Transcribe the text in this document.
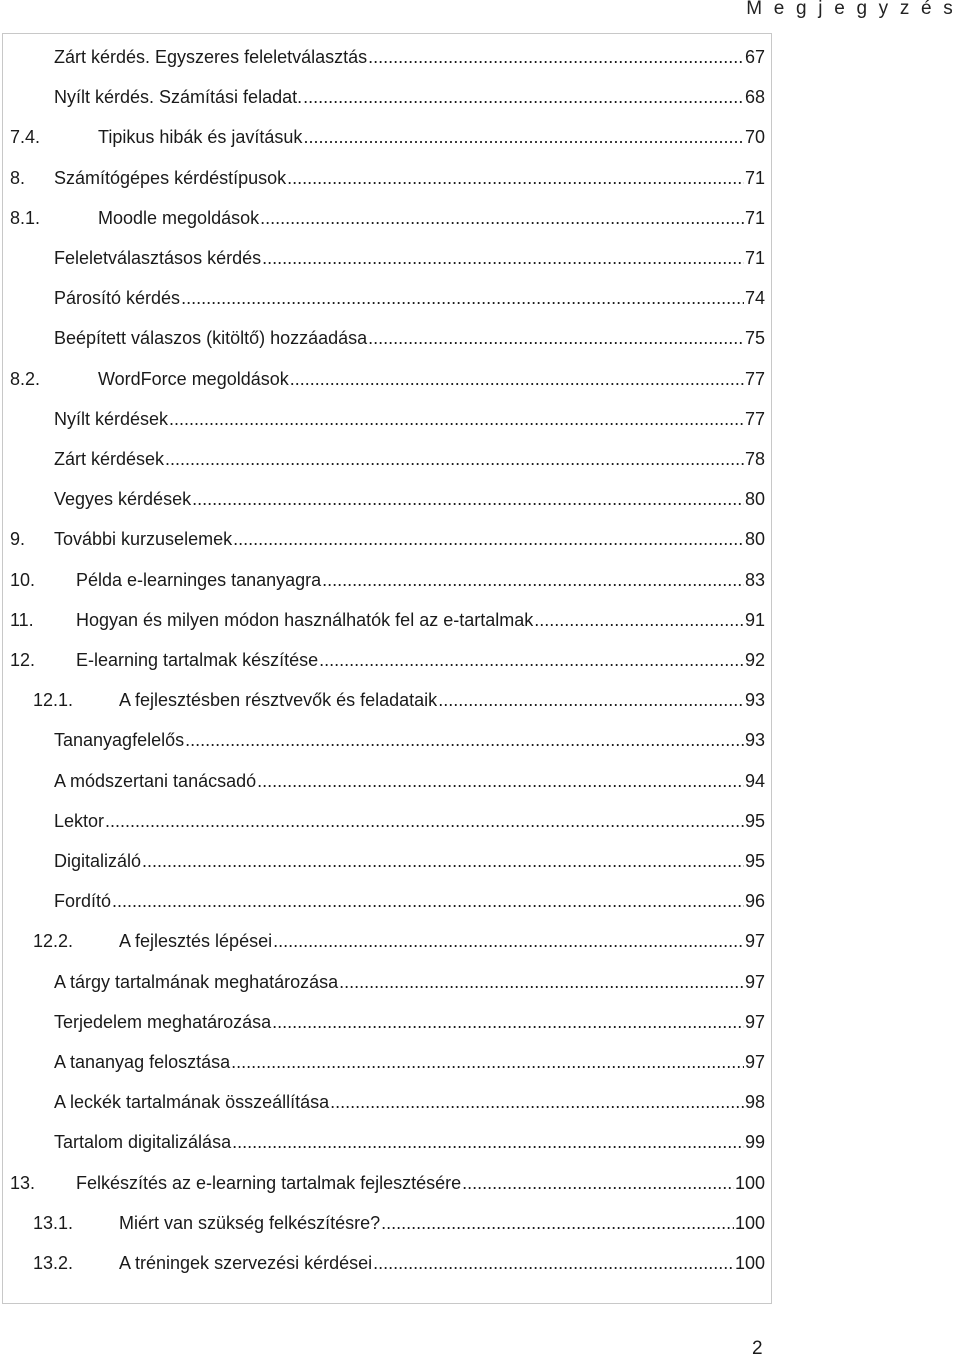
M e g j e g y z é s
Zárt kérdés. Egyszeres feleletválasztás .....	67
Nyílt kérdés. Számítási feladat. .....	68
7.4.	Tipikus hibák és javításuk .....	70
8.	Számítógépes kérdéstípusok .....	71
8.1.	Moodle megoldások .....	71
Feleletválasztásos kérdés .....	71
Párosító kérdés .....	74
Beépített válaszos (kitöltő) hozzáadása .....	75
8.2.	WordForce megoldások .....	77
Nyílt kérdések .....	77
Zárt kérdések .....	78
Vegyes kérdések .....	80
9.	További kurzuselemek .....	80
10.	Példa e-learninges tananyagra .....	83
11.	Hogyan és milyen módon használhatók fel az e-tartalmak .....	91
12.	E-learning tartalmak készítése .....	92
12.1.	A fejlesztésben résztvevők és feladataik .....	93
Tananyagfelelős .....	93
A módszertani tanácsadó .....	94
Lektor .....	95
Digitalizáló .....	95
Fordító .....	96
12.2.	A fejlesztés lépései .....	97
A tárgy tartalmának meghatározása .....	97
Terjedelem meghatározása .....	97
A tananyag felosztása .....	97
A leckék tartalmának összeállítása .....	98
Tartalom digitalizálása .....	99
13.	Felkészítés az e-learning tartalmak fejlesztésére .....	100
13.1.	Miért van szükség felkészítésre? .....	100
13.2.	A tréningek szervezési kérdései .....	100
2
